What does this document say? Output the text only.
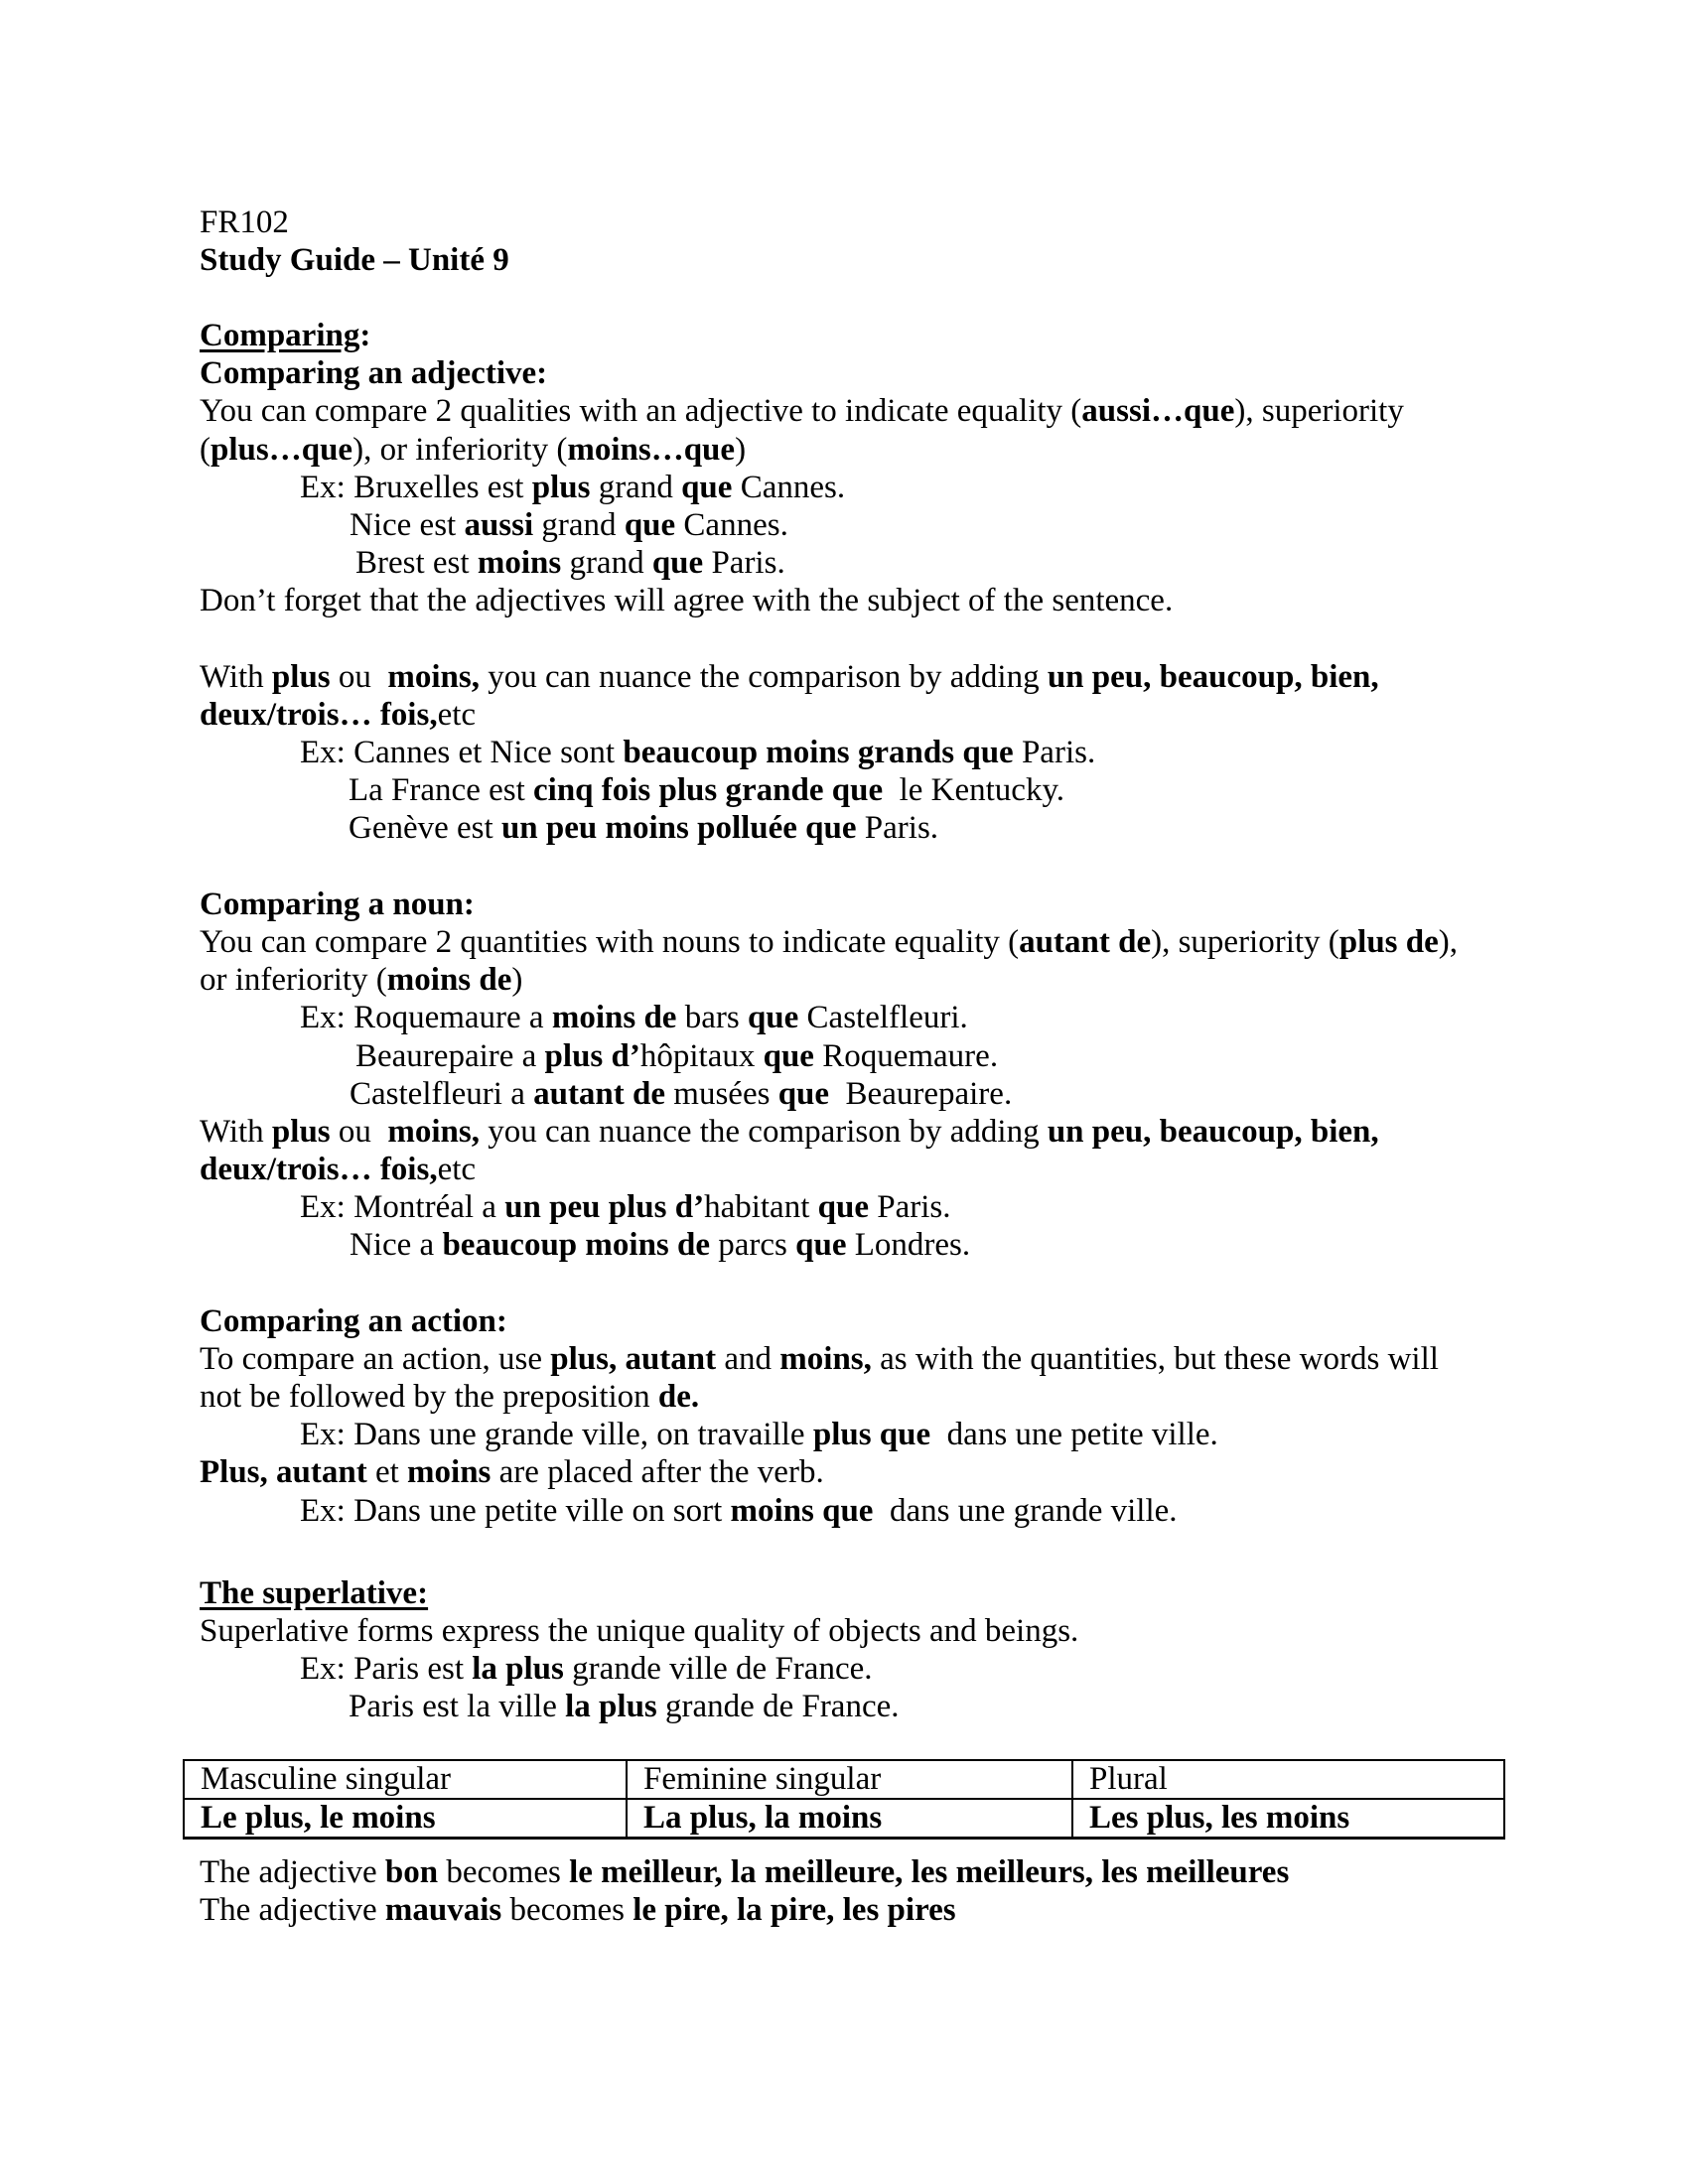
FR102
Study Guide – Unité 9
Comparing:
Comparing an adjective:
You can compare 2 qualities with an adjective to indicate equality (aussi…que), superiority
(plus…que), or inferiority (moins…que)
Ex: Bruxelles est plus grand que Cannes.
Nice est aussi grand que Cannes.
Brest est moins grand que Paris.
Don’t forget that the adjectives will agree with the subject of the sentence.
With plus ou  moins, you can nuance the comparison by adding un peu, beaucoup, bien,
deux/trois… fois,etc
Ex: Cannes et Nice sont beaucoup moins grands que Paris.
La France est cinq fois plus grande que  le Kentucky.
Genève est un peu moins polluée que Paris.
Comparing a noun:
You can compare 2 quantities with nouns to indicate equality (autant de), superiority (plus de),
or inferiority (moins de)
Ex: Roquemaure a moins de bars que Castelfleuri.
Beaurepaire a plus d’hôpitaux que Roquemaure.
Castelfleuri a autant de musées que  Beaurepaire.
With plus ou  moins, you can nuance the comparison by adding un peu, beaucoup, bien,
deux/trois… fois,etc
Ex: Montréal a un peu plus d’habitant que Paris.
Nice a beaucoup moins de parcs que Londres.
Comparing an action:
To compare an action, use plus, autant and moins, as with the quantities, but these words will
not be followed by the preposition de.
Ex: Dans une grande ville, on travaille plus que  dans une petite ville.
Plus, autant et moins are placed after the verb.
Ex: Dans une petite ville on sort moins que  dans une grande ville.
The superlative:
Superlative forms express the unique quality of objects and beings.
Ex: Paris est la plus grande ville de France.
Paris est la ville la plus grande de France.
The adjective bon becomes le meilleur, la meilleure, les meilleurs, les meilleures
The adjective mauvais becomes le pire, la pire, les pires
Masculine singular	Feminine singular	Plural
Le plus, le moins	La plus, la moins	Les plus, les moins
